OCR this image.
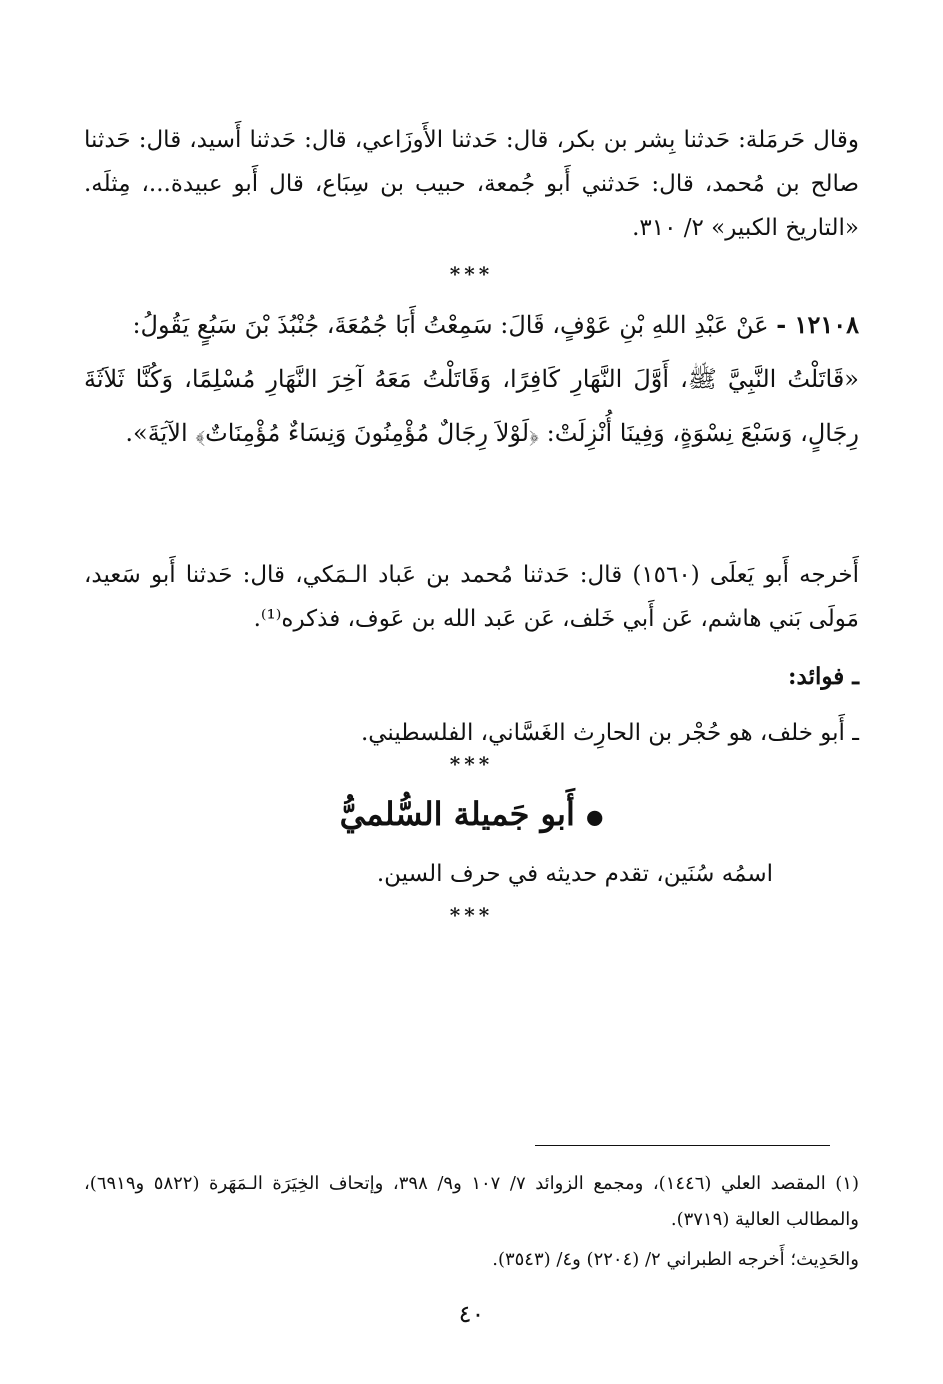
وقال حَرمَلة: حَدثنا بِشر بن بكر، قال: حَدثنا الأَوزَاعي، قال: حَدثنا أَسيد، قال: حَدثنا صالح بن مُحمد، قال: حَدثني أَبو جُمعة، حبيب بن سِبَاع، قال أَبو عبيدة...، مِثلَه. «التاريخ الكبير» ٢/ ٣١٠.

***

١٢١٠٨ - عَنْ عَبْدِ اللهِ بْنِ عَوْفٍ، قَالَ: سَمِعْتُ أَبَا جُمُعَةَ، جُنْبُذَ بْنَ سَبُعٍ يَقُولُ:

«قَاتَلْتُ النَّبِيَّ ﷺ، أَوَّلَ النَّهَارِ كَافِرًا، وَقَاتَلْتُ مَعَهُ آخِرَ النَّهَارِ مُسْلِمًا، وَكُنَّا ثَلاَثَةَ رِجَالٍ، وَسَبْعَ نِسْوَةٍ، وَفِينَا أُنْزِلَتْ: ﴿لَوْلاَ رِجَالٌ مُؤْمِنُونَ وَنِسَاءٌ مُؤْمِنَاتٌ﴾ الآيَةَ».

أَخرجه أَبو يَعلَى (١٥٦٠) قال: حَدثنا مُحمد بن عَباد الـمَكي، قال: حَدثنا أَبو سَعيد، مَولَى بَني هاشم، عَن أَبي خَلف، عَن عَبد الله بن عَوف، فذكره⁽¹⁾.

ـ فوائد:

ـ أَبو خلف، هو حُجْر بن الحارِث الغَسَّاني، الفلسطيني.

***
● أَبو جَميلة السُّلميُّ

اسمُه سُنَين، تقدم حديثه في حرف السين.

***

(١) المقصد العلي (١٤٤٦)، ومجمع الزوائد ٧/ ١٠٧ و٩/ ٣٩٨، وإتحاف الخِيَرَة الـمَهَرة (٥٨٢٢ و٦٩١٩)، والمطالب العالية (٣٧١٩).

والحَدِيث؛ أَخرجه الطبراني ٢/ (٢٢٠٤) و٤/ (٣٥٤٣).

٤٠
